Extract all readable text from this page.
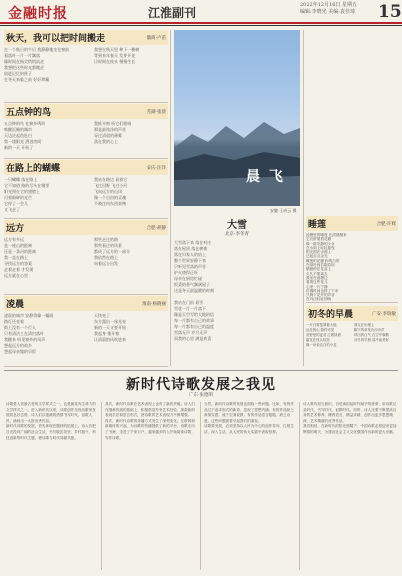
金融时报	江淮副刊
2022年12月16日 星期五
编辑:李晓光 美编:袁佳琦 15
秋天，我可以把时间搬走	徽商·卢苗
在一个秋日的午后 我静静地坐在窗前
看落叶一片一片飘落
像时间在指尖悄悄流走
我想把这些时光都搬走
放进记忆的匣子
在冬天来临之前 好好珍藏
我想在秋天里 种下一棵树
等到来年春天 发芽开花
让时间在枝头 慢慢生长
五点钟的鸟	芜湖·张晨
五点钟的鸟 在窗外鸣叫
唤醒沉睡的城市
天边泛起鱼肚白
第一缕阳光 洒进房间
新的一天 开始了
我推开窗 听它们歌唱
那是最纯净的声音
穿过清晨的薄雾
落在我的心上
在路上的蝴蝶	安庆·汪洋
一只蝴蝶 落在路上
它不知道 路的尽头在哪里
阳光照在它的翅膀上
闪着细碎的光芒
它停了一会儿
又飞走了
我站在路边 看着它
飞过田野 飞过小河
飞向远方的山冈
像一个自由的灵魂
不被任何东西束缚
远方	合肥·胡静
远方有多远
是一座山的距离
还是一条河的距离
我一直在路上
寻找远方的答案
走着走着 才发现
远方就在心里
那些走过的路
那些看过的风景
都成了远方的一部分
我依然在路上
向着远方出发
凌晨	淮南·杨晓丽
凌晨的城市 安静得像一幅画
路灯还亮着
街上没有一个行人
只有清洁工在清扫落叶
我醒来 听见窗外的风声
想起远方的故乡
想起母亲做的早饭
天快亮了
东方露出一丝光亮
新的一天又要开始
我起身 推开窗
让清晨的风吹进来
晨 飞
安徽·王成云 摄
大雪
北京·李冬青
大雪落下来 落在村庄
落在屋顶 落在树梢
落在归家人的肩上
整个世界安静下来
只听见雪落的声音
炉火烧得正旺
母亲在厨房忙碌
饭菜的香气飘满屋子
这是冬天最温暖的时刻
我站在门前 看雪
雪花一片一片落下
像是天空写给大地的信
每一片都有自己的故事
每一片都有自己的温度
雪落无声 岁月无声
而我的心里 满是欢喜
睡莲	合肥·许辉
池塘里的睡莲 在清晨醒来
它们舒展着花瓣
像一群安静的少女
在水面上轻轻摇曳
阳光照在水面上
泛起点点金光
睡莲的花瓣 粉的白的
在绿叶间若隐若现
蜻蜓停在花蕊上
久久不愿离去
我坐在池塘边
看着这些花儿
心里一片宁静
仿佛时间也停了下来
只剩下花开的声音
在耳边轻轻回响
初冬的早晨	广安·李瑞敏
一片白雾笼罩着大地
远处的山 隐约可见
田野里的麦苗 泛着绿意
霜花在枝头绽放
像一朵朵洁白的小花
我走在田埂上
脚下的草发出沙沙声
呼出的白气 在空中飘散
初冬的早晨 清冷而美好
新时代诗歌发展之我见
广东·张德明
诗歌是人类最古老的文学样式之一，也是最富有生命力的文学样式之一。进入新时代以来，诗歌创作呈现出繁荣发展的良好态势，诗人们以饱满的热情书写时代、讴歌人民，涌现出一大批优秀作品。
新时代诗歌的发展，首先体现在题材的拓展上。诗人们把目光投向广阔的社会生活，书写脱贫攻坚、乡村振兴、科技创新等时代主题，使诗歌与时代同频共振。
其次，新时代诗歌在艺术表现上也有了新的突破。诗人们在继承传统的基础上，积极借鉴外来艺术经验，探索新的表现手法和语言形式，使诗歌的艺术表现力不断增强。
再次，新时代诗歌的传播方式发生了深刻变化。互联网和新媒体的兴起，为诗歌的传播提供了新的平台，诗歌走出了书斋，走进了千家万户，越来越多的人开始阅读诗歌、写作诗歌。
当然，新时代诗歌的发展也面临一些问题。比如，有的作品过于追求形式的新奇，忽视了思想内涵；有的作品缺乏真情实感，流于空洞说教；有的作品语言粗糙，缺乏诗意。这些问题需要引起我们的重视。
诗歌要发展，必须坚持以人民为中心的创作导向，扎根生活，深入生活，从人民的伟大实践中汲取营养。
诗人要有担当意识，自觉承担起时代赋予的使命，用诗歌记录时代、书写时代、讴歌时代。同时，诗人还要不断提高自身的艺术修养，锤炼语言，精益求精，创作出更多思想精深、艺术精湛的优秀作品。
我们相信，在新时代的阳光照耀下，中国诗歌必将迎来更加辉煌的明天，为建设社会主义文化强国作出新的更大贡献。
